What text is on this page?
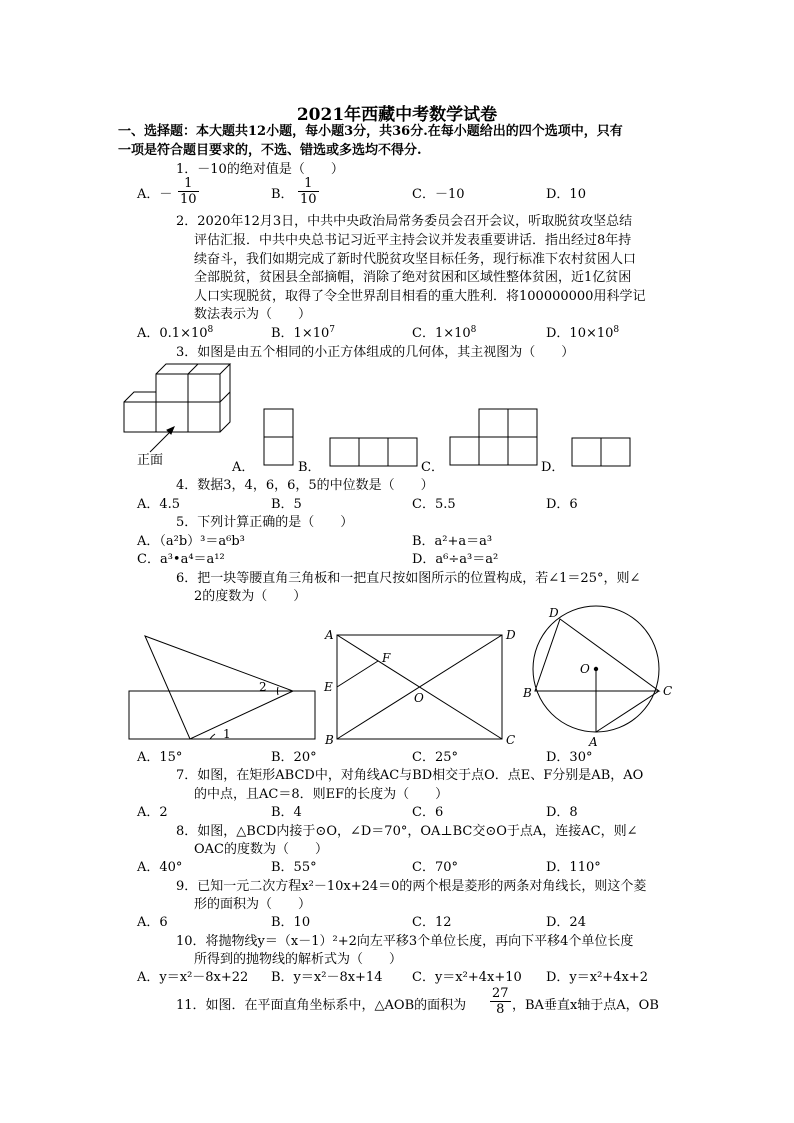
2021年西藏中考数学试卷
一、选择题：本大题共12小题，每小题3分，共36分.在每小题给出的四个选项中，只有
一项是符合题目要求的，不选、错选或多选均不得分.
1．－10的绝对值是（　　）
A．－ $\frac{1}{10}$	B． $\frac{1}{10}$	C．－10	D．10
2．2020年12月3日，中共中央政治局常务委员会召开会议，听取脱贫攻坚总结
评估汇报．中共中央总书记习近平主持会议并发表重要讲话．指出经过8年持
续奋斗，我们如期完成了新时代脱贫攻坚目标任务，现行标准下农村贫困人口
全部脱贫，贫困县全部摘帽，消除了绝对贫困和区域性整体贫困，近1亿贫困
人口实现脱贫，取得了令全世界刮目相看的重大胜利．将100000000用科学记
数法表示为（　　）
A．$0.1\times 10^8$	B．$1\times 10^7$	C．$1\times 10^8$	D．$10\times 10^8$
3．如图是由五个相同的小正方体组成的几何体，其主视图为（　　）
正面	A．	B．	C．	D．
4．数据3，4，6，6，5的中位数是（　　）
A．4.5	B．5	C．5.5	D．6
5．下列计算正确的是（　　）
A．（a²b）³＝a⁶b³	B．a²+a＝a³
C．a³•a⁴＝a¹²	D．a⁶÷a³＝a²
6．把一块等腰直角三角板和一把直尺按如图所示的位置构成，若∠1＝25°，则∠
2的度数为（　　）
1
2
A	D
E
F
O
B	C
D
O
B	C
A
A．15°	B．20°	C．25°	D．30°
7．如图，在矩形ABCD中，对角线AC与BD相交于点O．点E、F分别是AB，AO
的中点，且AC＝8．则EF的长度为（　　）
A．2	B．4	C．6	D．8
8．如图，△BCD内接于⊙O，∠D＝70°，OA⊥BC交⊙O于点A，连接AC，则∠
OAC的度数为（　　）
A．40°	B．55°	C．70°	D．110°
9．已知一元二次方程x²－10x+24＝0的两个根是菱形的两条对角线长，则这个菱
形的面积为（　　）
A．6	B．10	C．12	D．24
10．将抛物线y＝（x－1）²+2向左平移3个单位长度，再向下平移4个单位长度
所得到的抛物线的解析式为（　　）
A．y＝x²－8x+22 B．y＝x²－8x+14 C．y＝x²+4x+10 D．y＝x²+4x+2
11．如图．在平面直角坐标系中，△AOB的面积为 $\frac{27}{8}$ ，BA垂直x轴于点A，OB
